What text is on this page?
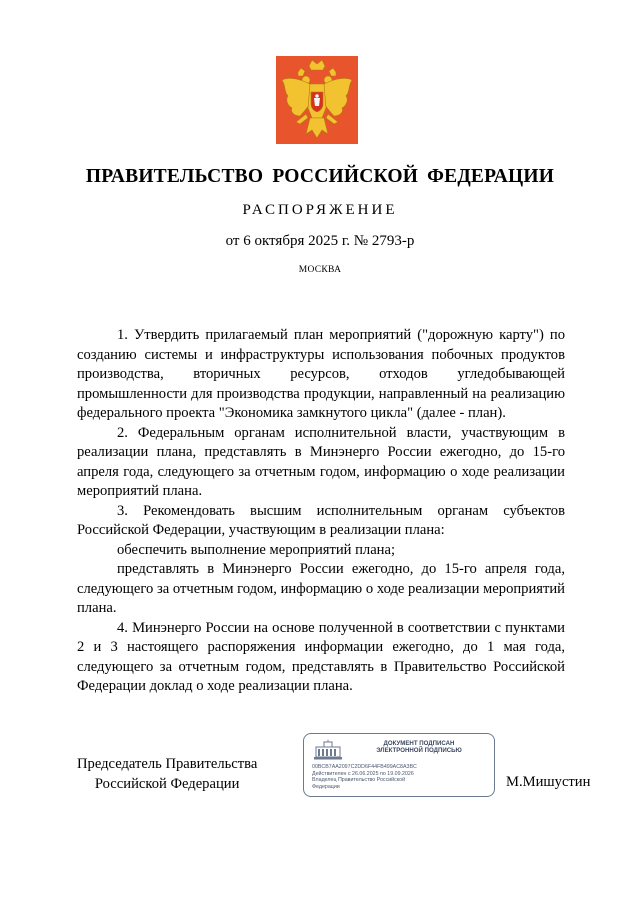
ПРАВИТЕЛЬСТВО РОССИЙСКОЙ ФЕДЕРАЦИИ
РАСПОРЯЖЕНИЕ
от 6 октября 2025 г. № 2793-р
МОСКВА

1. Утвердить прилагаемый план мероприятий ("дорожную карту") по созданию системы и инфраструктуры использования побочных продуктов производства, вторичных ресурсов, отходов угледобывающей промышленности для производства продукции, направленный на реализацию федерального проекта "Экономика замкнутого цикла" (далее - план).

2. Федеральным органам исполнительной власти, участвующим в реализации плана, представлять в Минэнерго России ежегодно, до 15-го апреля года, следующего за отчетным годом, информацию о ходе реализации мероприятий плана.

3. Рекомендовать высшим исполнительным органам субъектов Российской Федерации, участвующим в реализации плана:

обеспечить выполнение мероприятий плана;

представлять в Минэнерго России ежегодно, до 15-го апреля года, следующего за отчетным годом, информацию о ходе реализации мероприятий плана.

4. Минэнерго России на основе полученной в соответствии с пунктами 2 и 3 настоящего распоряжения информации ежегодно, до 1 мая года, следующего за отчетным годом, представлять в Правительство Российской Федерации доклад о ходе реализации плана.

Председатель Правительства
Российской Федерации
ДОКУМЕНТ ПОДПИСАН
ЭЛЕКТРОННОЙ ПОДПИСЬЮ
00BCB7AA2097C2DD6F44FB499AC8A3BC
Действителен с 26.06.2025 по 19.09.2026
Владелец Правительство Российской
Федерации	М.Мишустин
